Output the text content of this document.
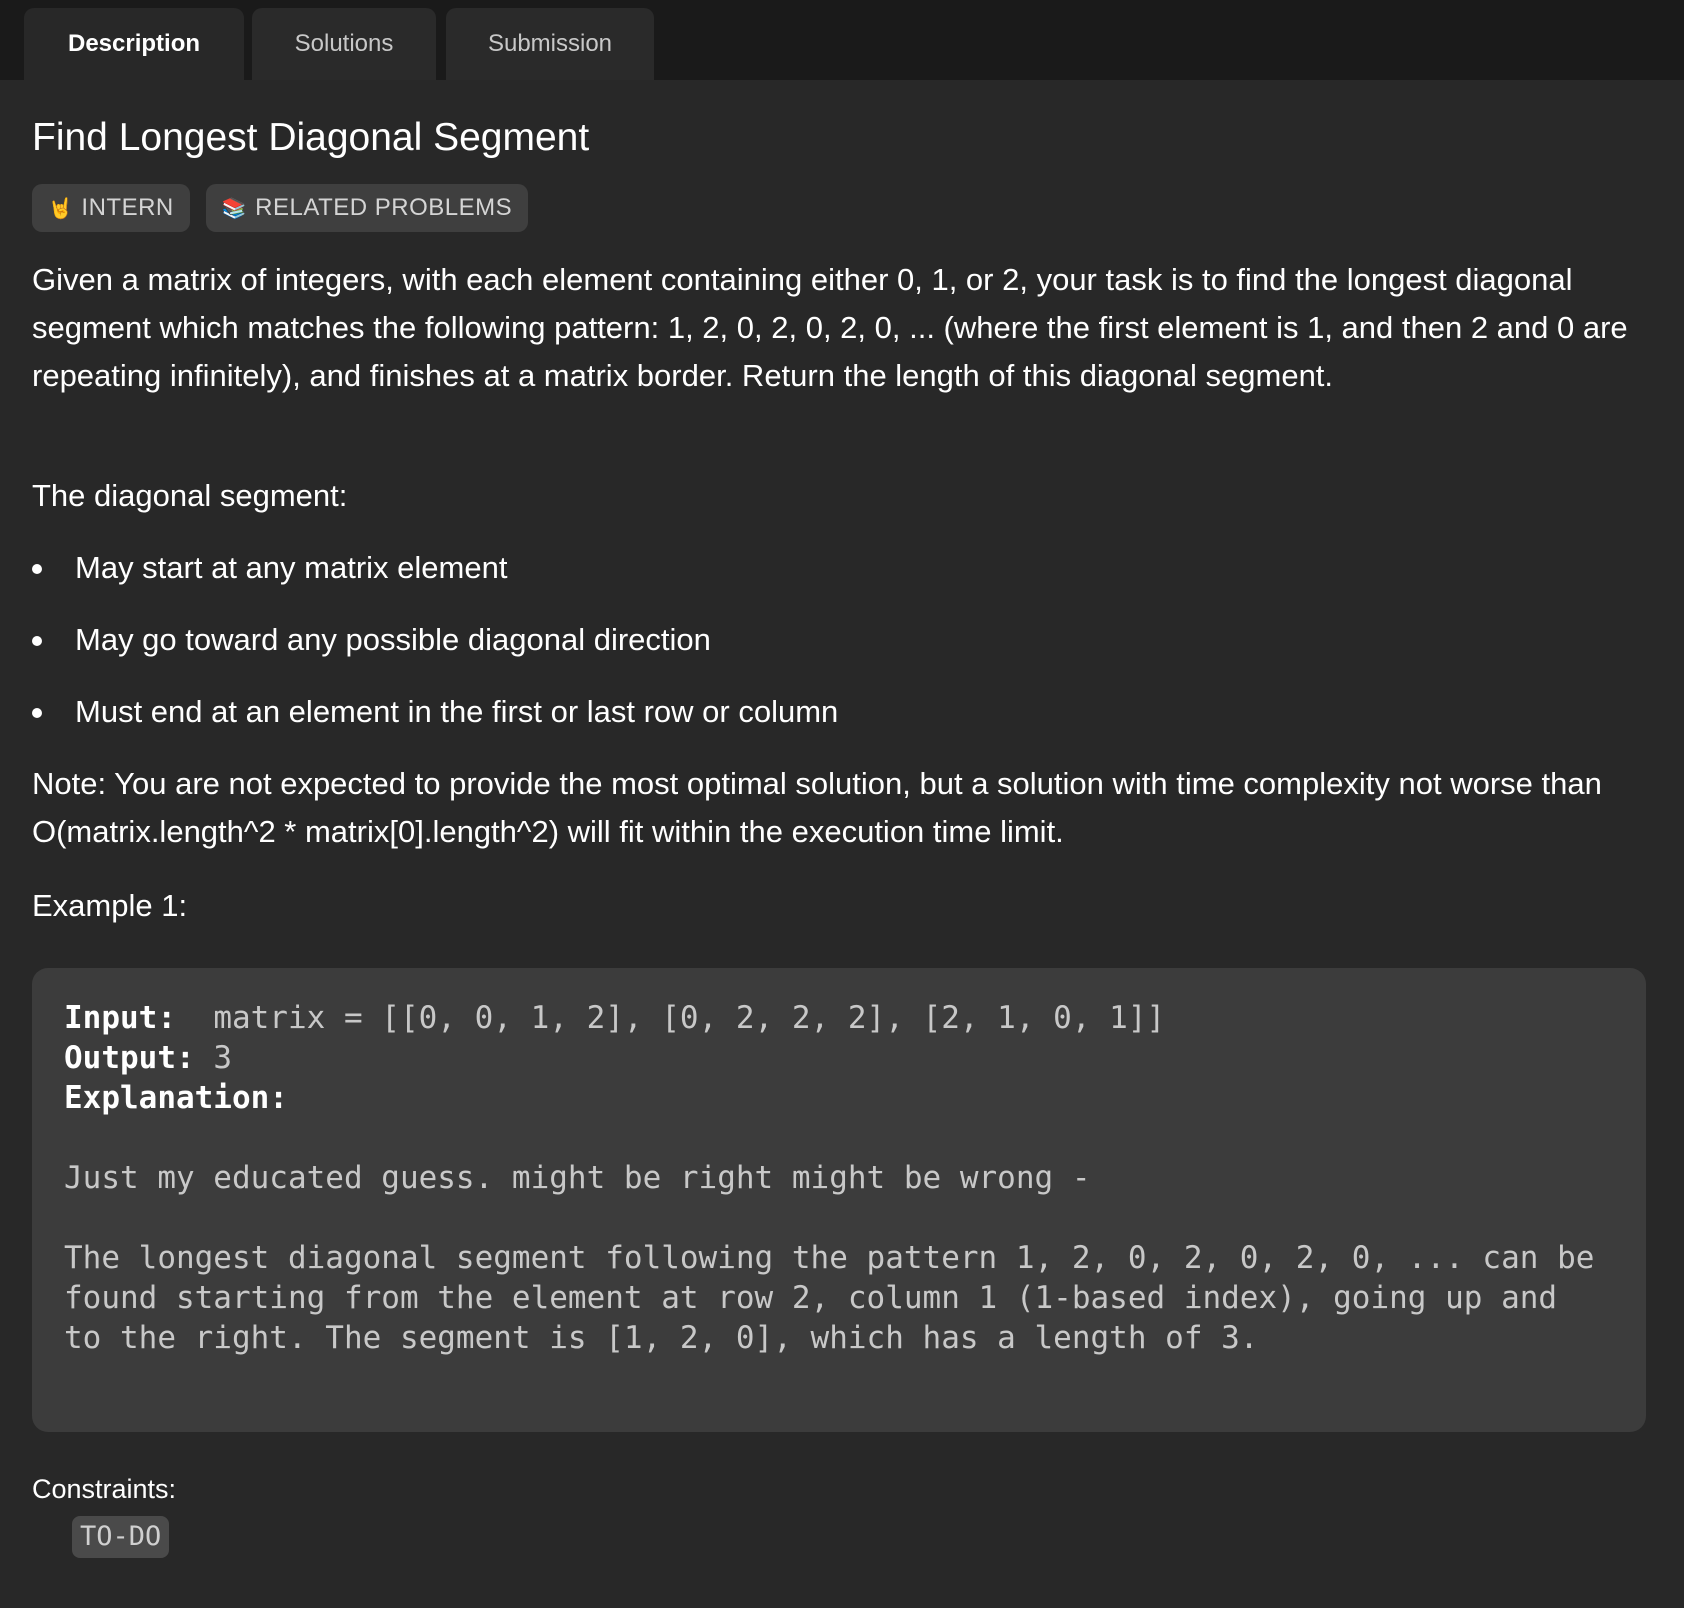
Description	Solutions	Submission
Find Longest Diagonal Segment
🤘 INTERN 📚 RELATED PROBLEMS

Given a matrix of integers, with each element containing either 0, 1, or 2, your task is to find the longest diagonal segment which matches the following pattern: 1, 2, 0, 2, 0, 2, 0, ... (where the first element is 1, and then 2 and 0 are repeating infinitely), and finishes at a matrix border. Return the length of this diagonal segment.

The diagonal segment:

May start at any matrix element
May go toward any possible diagonal direction
Must end at an element in the first or last row or column

Note: You are not expected to provide the most optimal solution, but a solution with time complexity not worse than O(matrix.length^2 * matrix[0].length^2) will fit within the execution time limit.

Example 1:
Input: matrix = [[0, 0, 1, 2], [0, 2, 2, 2], [2, 1, 0, 1]]
Output: 3
Explanation:
Just my educated guess. might be right might be wrong -
The longest diagonal segment following the pattern 1, 2, 0, 2, 0, 2, 0, ... can be
found starting from the element at row 2, column 1 (1-based index), going up and
to the right. The segment is [1, 2, 0], which has a length of 3.
Constraints:
TO-DO
